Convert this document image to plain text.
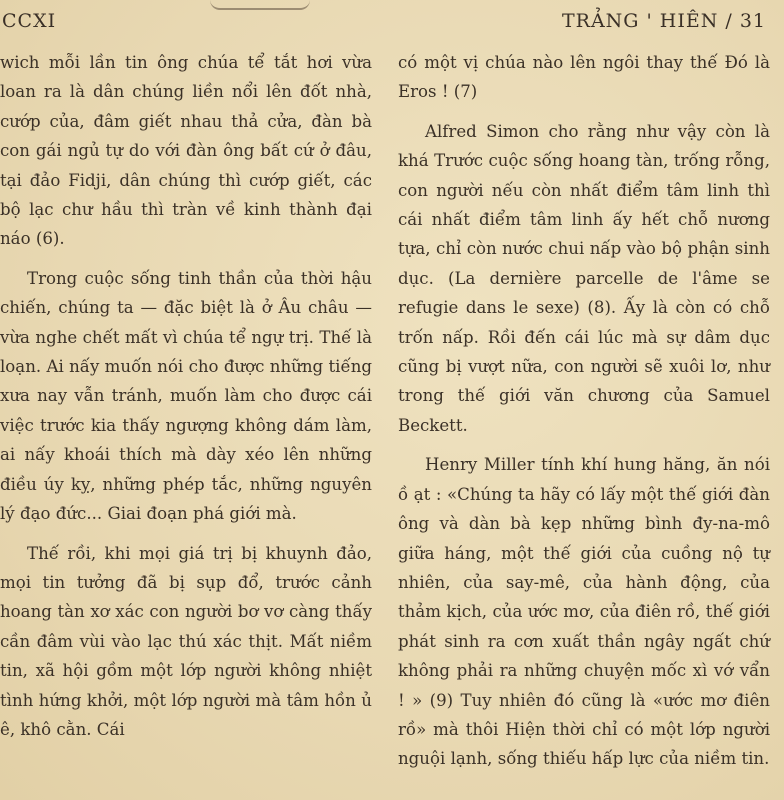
CCXI	TRẢNG ' HIÊN / 31

wich mỗi lần tin ông chúa tể tắt hơi vừa loan ra là dân chúng liền nổi lên đốt nhà, cướp của, đâm giết nhau thả cửa, đàn bà con gái ngủ tự do với đàn ông bất cứ ở đâu, tại đảo Fidji, dân chúng thì cướp giết, các bộ lạc chư hầu thì tràn về kinh thành đại náo (6).

Trong cuộc sống tinh thần của thời hậu chiến, chúng ta — đặc biệt là ở Âu châu — vừa nghe chết mất vì chúa tể ngự trị. Thế là loạn. Ai nấy muốn nói cho được những tiếng xưa nay vẫn tránh, muốn làm cho được cái việc trước kia thấy ngượng không dám làm, ai nấy khoái thích mà dày xéo lên những điều úy kỵ, những phép tắc, những nguyên lý đạo đức... Giai đoạn phá giới mà.

Thế rồi, khi mọi giá trị bị khuynh đảo, mọi tin tưởng đã bị sụp đổ, trước cảnh hoang tàn xơ xác con người bơ vơ càng thấy cần đâm vùi vào lạc thú xác thịt. Mất niềm tin, xã hội gồm một lớp người không nhiệt tình hứng khởi, một lớp người mà tâm hồn ủ ê, khô cằn. Cái

có một vị chúa nào lên ngôi thay thế Đó là Eros ! (7)

Alfred Simon cho rằng như vậy còn là khá Trước cuộc sống hoang tàn, trống rỗng, con người nếu còn nhất điểm tâm linh thì cái nhất điểm tâm linh ấy hết chỗ nương tựa, chỉ còn nước chui nấp vào bộ phận sinh dục. (La dernière parcelle de l'âme se refugie dans le sexe) (8). Ấy là còn có chỗ trốn nấp. Rồi đến cái lúc mà sự dâm dục cũng bị vượt nữa, con người sẽ xuôi lơ, như trong thế giới văn chương của Samuel Beckett.

Henry Miller tính khí hung hăng, ăn nói ồ ạt : «Chúng ta hãy có lấy một thế giới đàn ông và dàn bà kẹp những bình đy-na-mô giữa háng, một thế giới của cuồng nộ tự nhiên, của say-mê, của hành động, của thảm kịch, của ước mơ, của điên rồ, thế giới phát sinh ra cơn xuất thần ngây ngất chứ không phải ra những chuyện mốc xì vớ vẩn ! » (9) Tuy nhiên đó cũng là «ước mơ điên rồ» mà thôi Hiện thời chỉ có một lớp người nguội lạnh, sống thiếu hấp lực của niềm tin.
